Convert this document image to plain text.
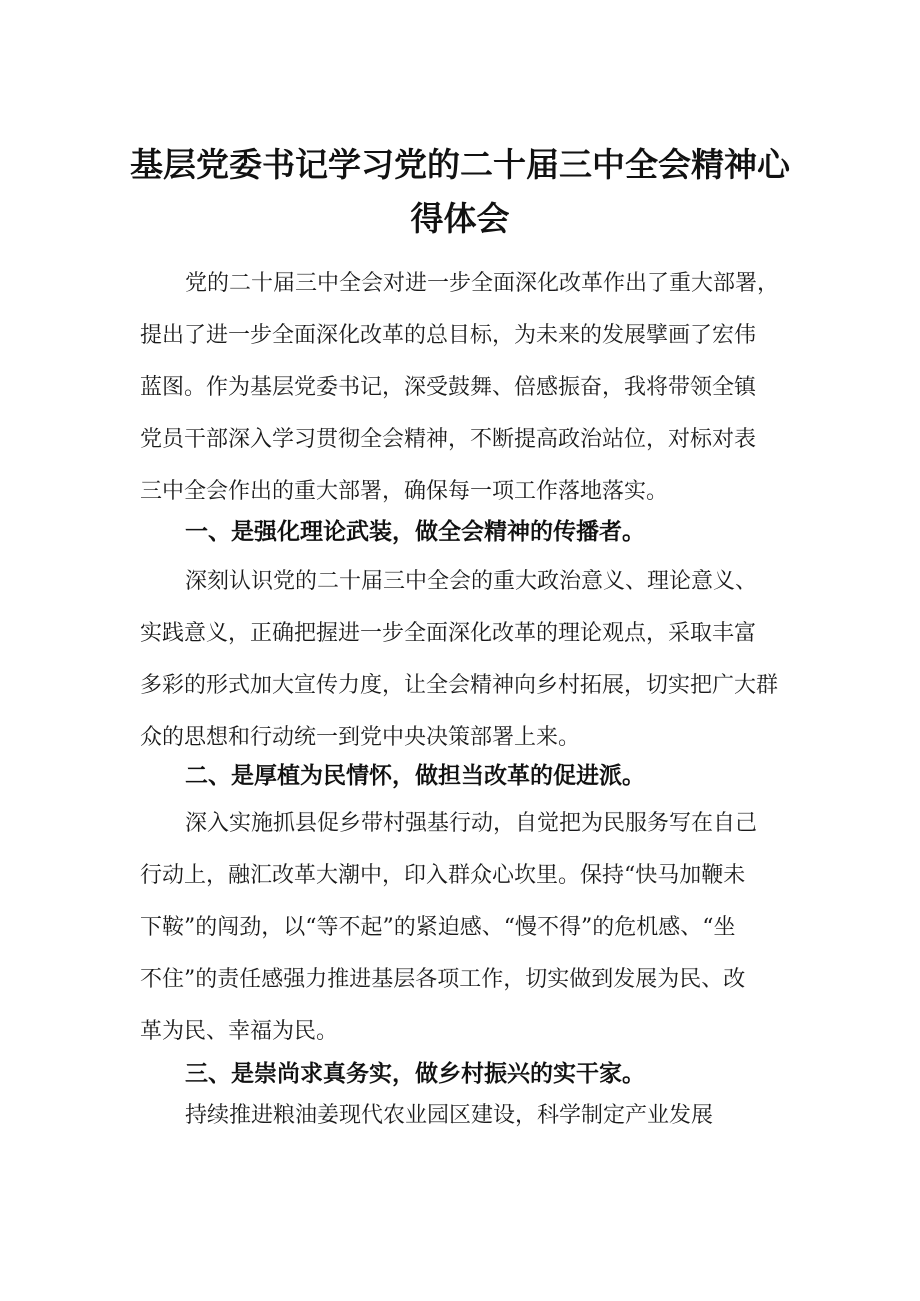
基层党委书记学习党的二十届三中全会精神心
得体会
党的二十届三中全会对进一步全面深化改革作出了重大部署，
提出了进一步全面深化改革的总目标，为未来的发展擘画了宏伟
蓝图。作为基层党委书记，深受鼓舞、倍感振奋，我将带领全镇
党员干部深入学习贯彻全会精神，不断提高政治站位，对标对表
三中全会作出的重大部署，确保每一项工作落地落实。
一、是强化理论武装，做全会精神的传播者。
深刻认识党的二十届三中全会的重大政治意义、理论意义、
实践意义，正确把握进一步全面深化改革的理论观点，采取丰富
多彩的形式加大宣传力度，让全会精神向乡村拓展，切实把广大群
众的思想和行动统一到党中央决策部署上来。
二、是厚植为民情怀，做担当改革的促进派。
深入实施抓县促乡带村强基行动，自觉把为民服务写在自己
行动上，融汇改革大潮中，印入群众心坎里。保持“快马加鞭未
下鞍”的闯劲，以“等不起”的紧迫感、“慢不得”的危机感、“坐
不住”的责任感强力推进基层各项工作，切实做到发展为民、改
革为民、幸福为民。
三、是崇尚求真务实，做乡村振兴的实干家。
持续推进粮油姜现代农业园区建设，科学制定产业发展
